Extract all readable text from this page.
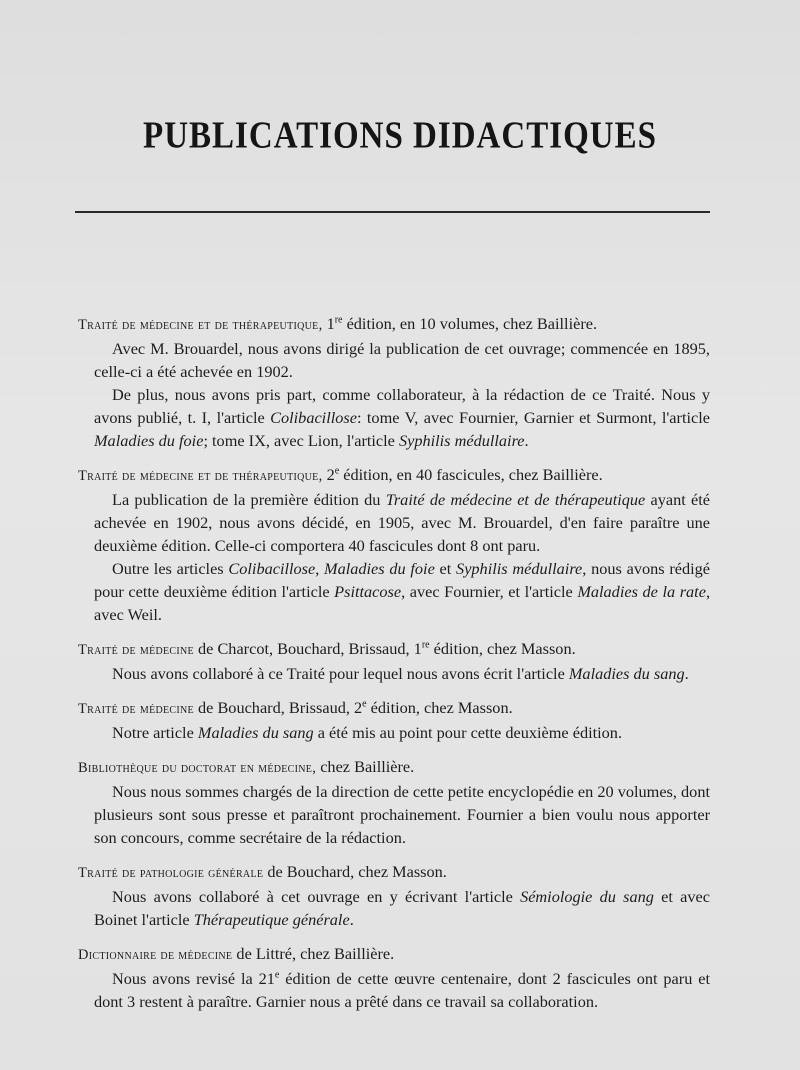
PUBLICATIONS DIDACTIQUES

Traité de médecine et de thérapeutique, 1re édition, en 10 volumes, chez Baillière.

Avec M. Brouardel, nous avons dirigé la publication de cet ouvrage; commencée en 1895, celle-ci a été achevée en 1902.

De plus, nous avons pris part, comme collaborateur, à la rédaction de ce Traité. Nous y avons publié, t. I, l'article Colibacillose: tome V, avec Fournier, Garnier et Surmont, l'article Maladies du foie; tome IX, avec Lion, l'article Syphilis médullaire.

Traité de médecine et de thérapeutique, 2e édition, en 40 fascicules, chez Baillière.

La publication de la première édition du Traité de médecine et de thérapeutique ayant été achevée en 1902, nous avons décidé, en 1905, avec M. Brouardel, d'en faire paraître une deuxième édition. Celle-ci comportera 40 fascicules dont 8 ont paru.

Outre les articles Colibacillose, Maladies du foie et Syphilis médullaire, nous avons rédigé pour cette deuxième édition l'article Psittacose, avec Fournier, et l'article Maladies de la rate, avec Weil.

Traité de médecine de Charcot, Bouchard, Brissaud, 1re édition, chez Masson.

Nous avons collaboré à ce Traité pour lequel nous avons écrit l'article Maladies du sang.

Traité de médecine de Bouchard, Brissaud, 2e édition, chez Masson.

Notre article Maladies du sang a été mis au point pour cette deuxième édition.

Bibliothèque du doctorat en médecine, chez Baillière.

Nous nous sommes chargés de la direction de cette petite encyclopédie en 20 volumes, dont plusieurs sont sous presse et paraîtront prochainement. Fournier a bien voulu nous apporter son concours, comme secrétaire de la rédaction.

Traité de pathologie générale de Bouchard, chez Masson.

Nous avons collaboré à cet ouvrage en y écrivant l'article Sémiologie du sang et avec Boinet l'article Thérapeutique générale.

Dictionnaire de médecine de Littré, chez Baillière.

Nous avons revisé la 21e édition de cette œuvre centenaire, dont 2 fascicules ont paru et dont 3 restent à paraître. Garnier nous a prêté dans ce travail sa collaboration.
